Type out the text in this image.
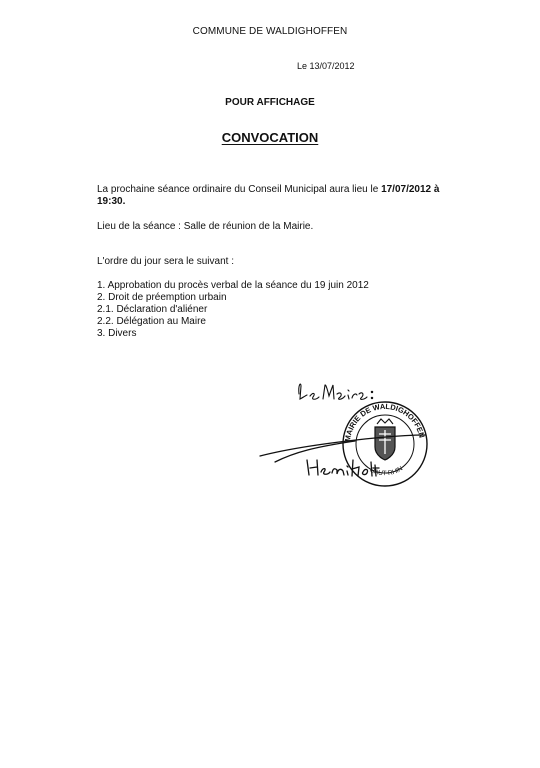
COMMUNE DE WALDIGHOFFEN
Le 13/07/2012
POUR AFFICHAGE
CONVOCATION
La prochaine séance ordinaire du Conseil Municipal aura lieu le 17/07/2012 à 19:30.
Lieu de la séance : Salle de réunion de la Mairie.
L'ordre du jour sera le suivant :
1. Approbation du procès verbal de la séance du 19 juin 2012
2. Droit de préemption urbain
2.1. Déclaration d'aliéner
2.2. Délégation au Maire
3. Divers
MAIRIE DE WALDIGHOFFEN
HAUT-RHIN
